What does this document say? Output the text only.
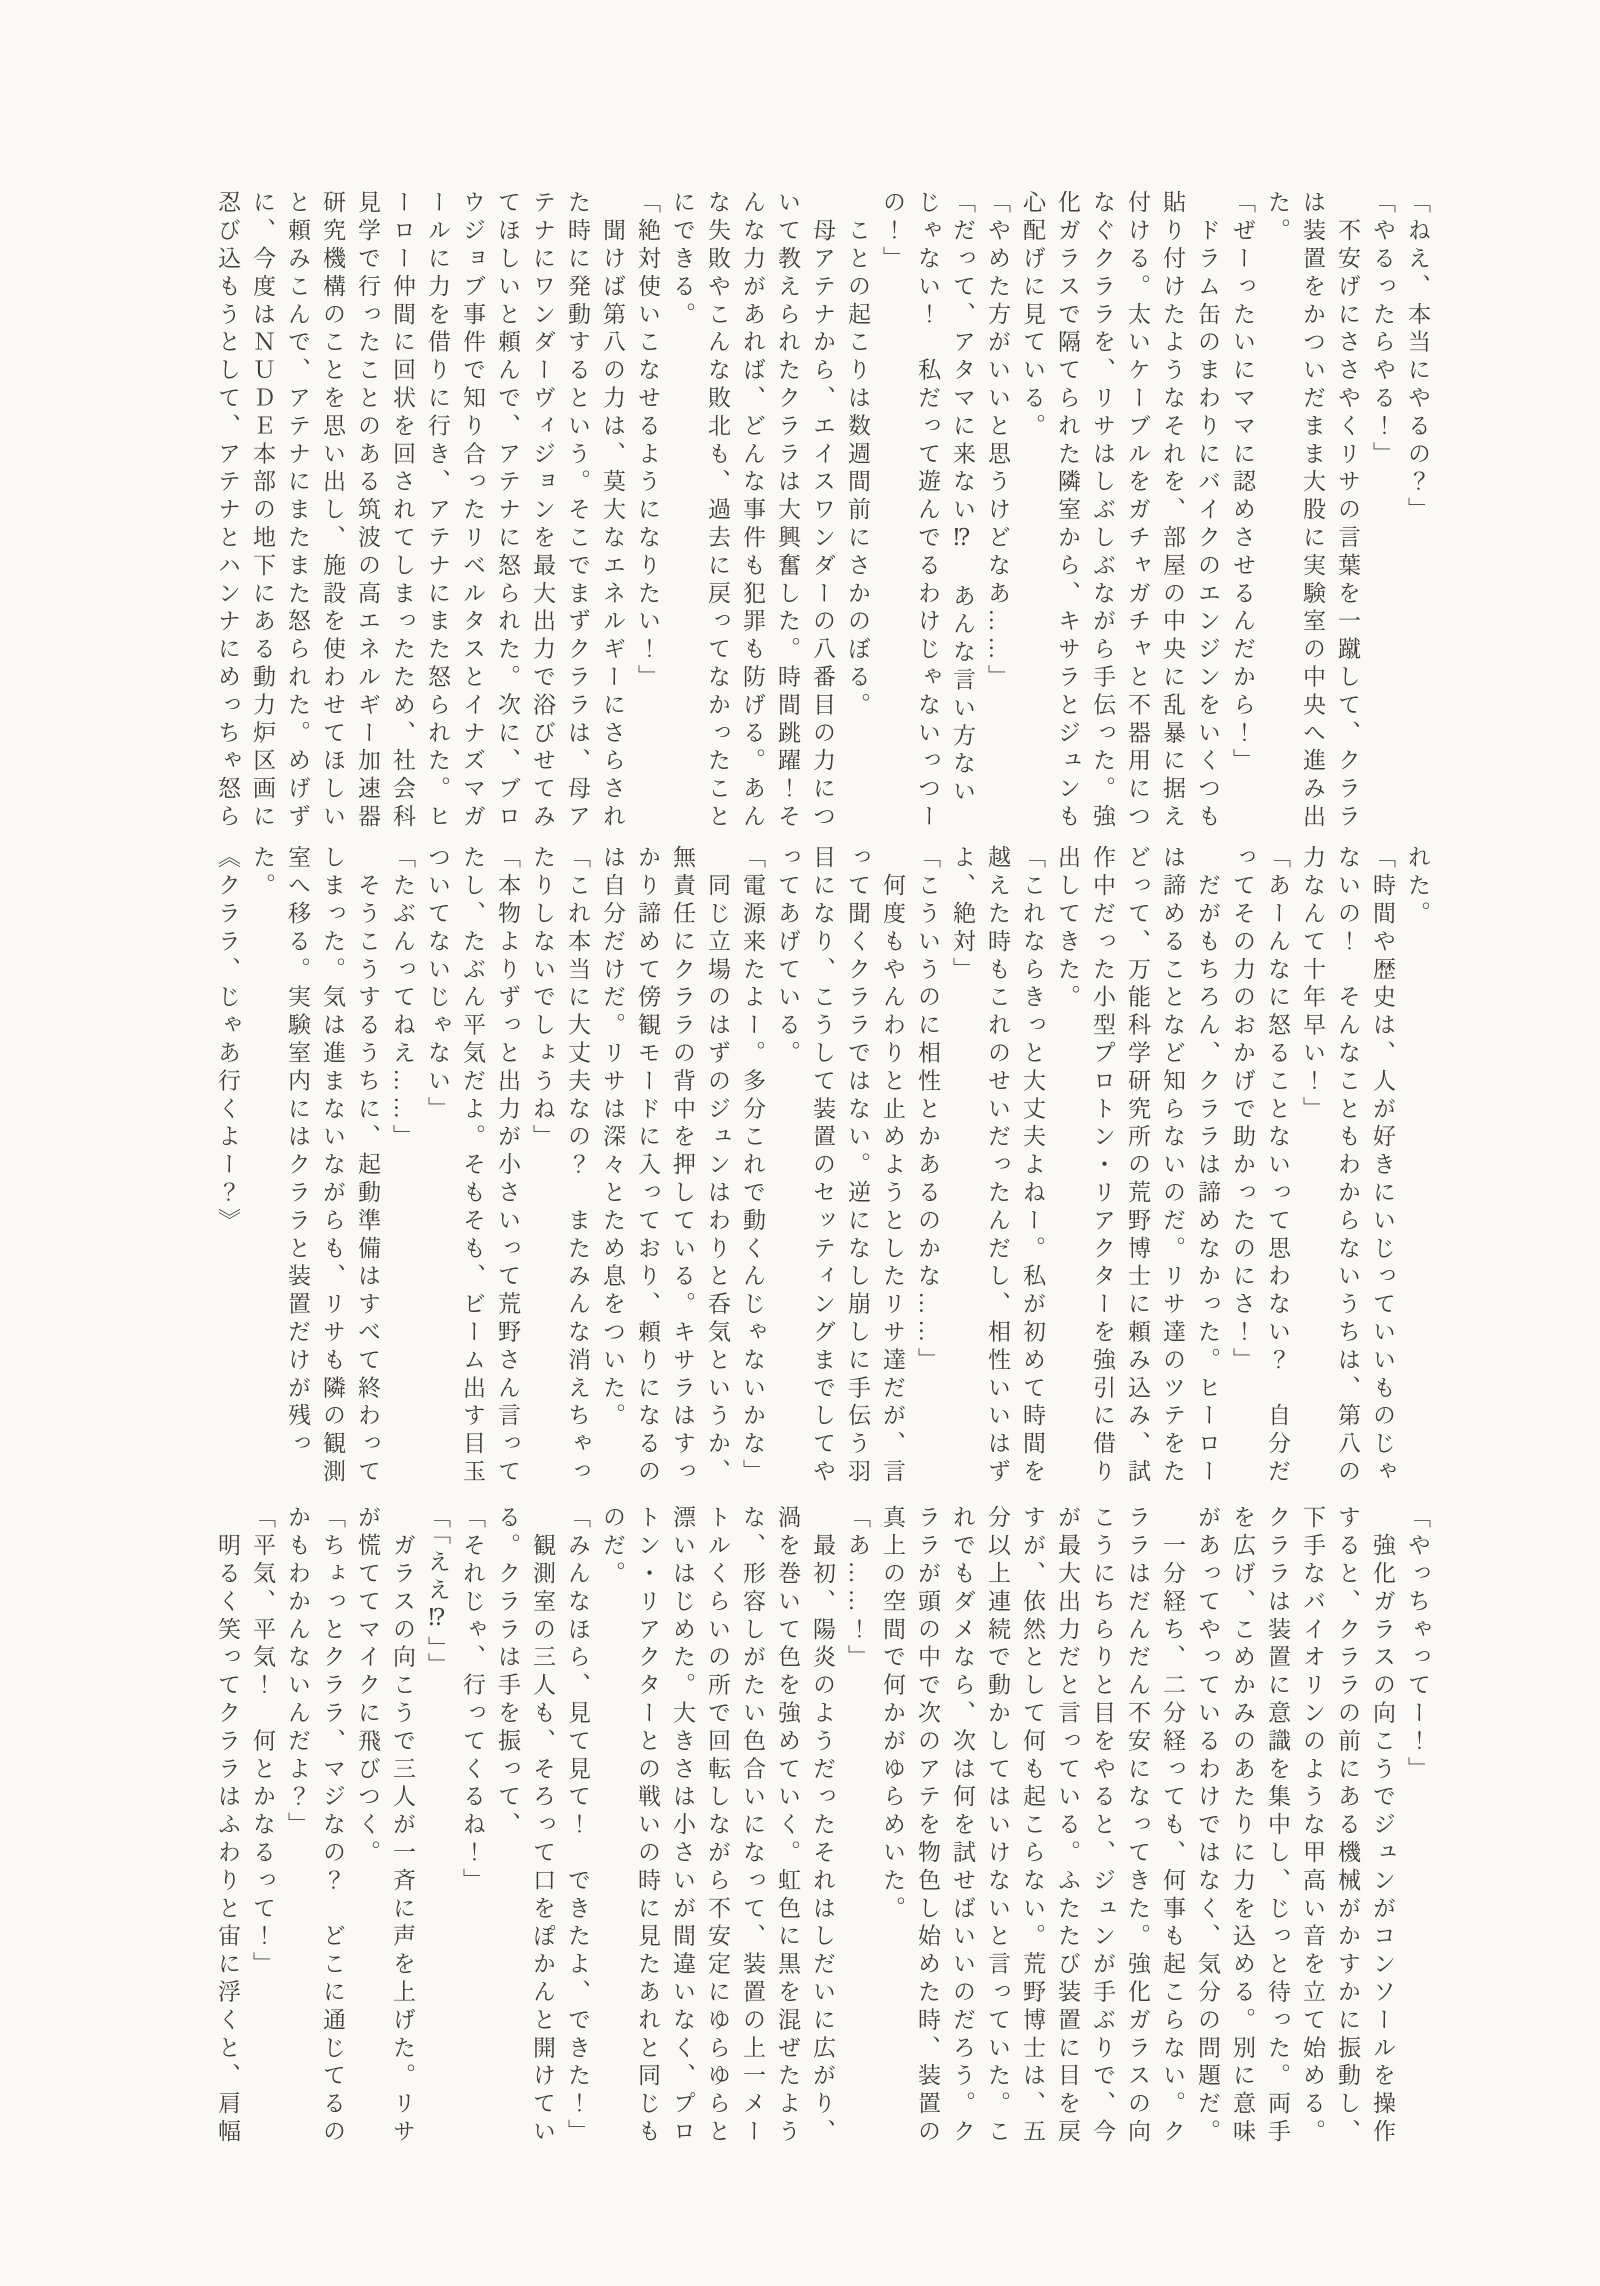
「ねえ、本当にやるの？」

「やるったらやる！」

　不安げにささやくリサの言葉を一蹴して、クララは装置をかついだまま大股に実験室の中央へ進み出た。

「ぜーったいにママに認めさせるんだから！」

　ドラム缶のまわりにバイクのエンジンをいくつも貼り付けたようなそれを、部屋の中央に乱暴に据え付ける。太いケーブルをガチャガチャと不器用につなぐクララを、リサはしぶしぶながら手伝った。強化ガラスで隔てられた隣室から、キサラとジュンも心配げに見ている。

「やめた方がいいと思うけどなあ……」

「だって、アタマに来ない⁉　あんな言い方ないじゃない！　私だって遊んでるわけじゃないっつーの！」

　ことの起こりは数週間前にさかのぼる。

　母アテナから、エイスワンダーの八番目の力について教えられたクララは大興奮した。時間跳躍！そんな力があれば、どんな事件も犯罪も防げる。あんな失敗やこんな敗北も、過去に戻ってなかったことにできる。

「絶対使いこなせるようになりたい！」

　聞けば第八の力は、莫大なエネルギーにさらされた時に発動するという。そこでまずクララは、母アテナにワンダーヴィジョンを最大出力で浴びせてみてほしいと頼んで、アテナに怒られた。次に、ブロウジョブ事件で知り合ったリベルタスとイナズマガールに力を借りに行き、アテナにまた怒られた。ヒーロー仲間に回状を回されてしまったため、社会科見学で行ったことのある筑波の高エネルギー加速器研究機構のことを思い出し、施設を使わせてほしいと頼みこんで、アテナにまたまた怒られた。めげずに、今度はＮＵＤＥ本部の地下にある動力炉区画に忍び込もうとして、アテナとハンナにめっちゃ怒ら

れた。

「時間や歴史は、人が好きにいじっていいものじゃないの！　そんなこともわからないうちは、第八の力なんて十年早い！」

「あーんなに怒ることないって思わない？　自分だってその力のおかげで助かったのにさ！」

　だがもちろん、クララは諦めなかった。ヒーローは諦めることなど知らないのだ。リサ達のツテをたどって、万能科学研究所の荒野博士に頼み込み、試作中だった小型プロトン・リアクターを強引に借り出してきた。

「これならきっと大丈夫よねー。私が初めて時間を越えた時もこれのせいだったんだし、相性いいはずよ、絶対」

「こういうのに相性とかあるのかな……」

　何度もやんわりと止めようとしたリサ達だが、言って聞くクララではない。逆になし崩しに手伝う羽目になり、こうして装置のセッティングまでしてやってあげている。

「電源来たよー。多分これで動くんじゃないかな」

　同じ立場のはずのジュンはわりと呑気というか、無責任にクララの背中を押している。キサラはすっかり諦めて傍観モードに入っており、頼りになるのは自分だけだ。リサは深々とため息をついた。

「これ本当に大丈夫なの？　またみんな消えちゃったりしないでしょうね」

「本物よりずっと出力が小さいって荒野さん言ってたし、たぶん平気だよ。そもそも、ビーム出す目玉ついてないじゃない」

「たぶんってねえ……」

　そうこうするうちに、起動準備はすべて終わってしまった。気は進まないながらも、リサも隣の観測室へ移る。実験室内にはクララと装置だけが残った。

《クララ、じゃあ行くよー？》

「やっちゃってー！」

　強化ガラスの向こうでジュンがコンソールを操作すると、クララの前にある機械がかすかに振動し、下手なバイオリンのような甲高い音を立て始める。クララは装置に意識を集中し、じっと待った。両手を広げ、こめかみのあたりに力を込める。別に意味があってやっているわけではなく、気分の問題だ。

　一分経ち、二分経っても、何事も起こらない。クララはだんだん不安になってきた。強化ガラスの向こうにちらりと目をやると、ジュンが手ぶりで、今が最大出力だと言っている。ふたたび装置に目を戻すが、依然として何も起こらない。荒野博士は、五分以上連続で動かしてはいけないと言っていた。これでもダメなら、次は何を試せばいいのだろう。クララが頭の中で次のアテを物色し始めた時、装置の真上の空間で何かがゆらめいた。

「あ……！」

　最初、陽炎のようだったそれはしだいに広がり、渦を巻いて色を強めていく。虹色に黒を混ぜたような、形容しがたい色合いになって、装置の上一メートルくらいの所で回転しながら不安定にゆらゆらと漂いはじめた。大きさは小さいが間違いなく、プロトン・リアクターとの戦いの時に見たあれと同じものだ。

「みんなほら、見て見て！　できたよ、できた！」

　観測室の三人も、そろって口をぽかんと開けている。クララは手を振って、

「それじゃ、行ってくるね！」

「「ええ⁉」」

　ガラスの向こうで三人が一斉に声を上げた。リサが慌ててマイクに飛びつく。

「ちょっとクララ、マジなの？　どこに通じてるのかもわかんないんだよ？」

「平気、平気！　何とかなるって！」

　明るく笑ってクララはふわりと宙に浮くと、肩幅
